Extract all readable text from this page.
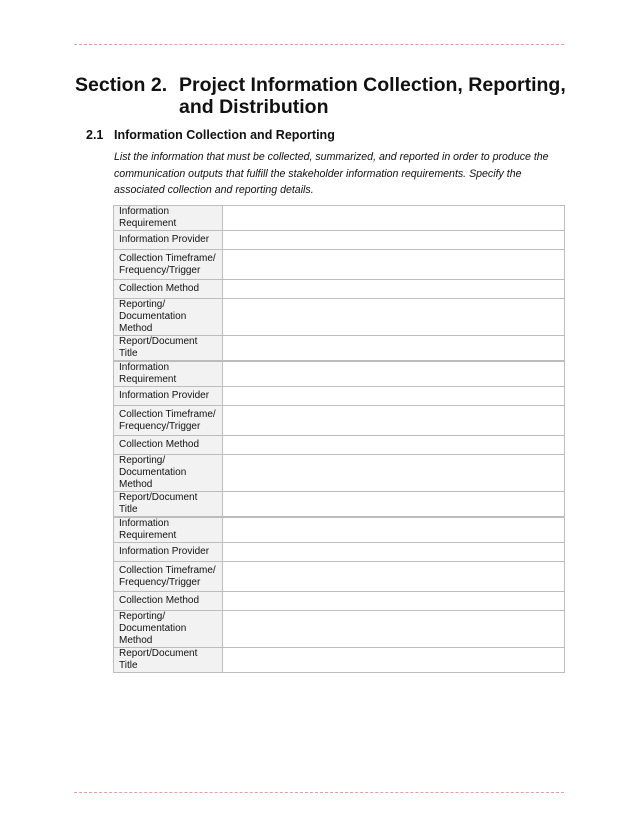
Section 2. Project Information Collection, Reporting,
and Distribution
2.1 Information Collection and Reporting
List the information that must be collected, summarized, and reported in order to produce the communication outputs that fulfill the stakeholder information requirements. Specify the associated collection and reporting details.
Information Requirement	

Information Provider	

Collection Timeframe/
Frequency/Trigger	

Collection Method	

Reporting/
Documentation Method	

Report/Document Title	

Information Requirement	

Information Provider	

Collection Timeframe/
Frequency/Trigger	

Collection Method	

Reporting/
Documentation Method	

Report/Document Title	

Information Requirement	

Information Provider	

Collection Timeframe/
Frequency/Trigger	

Collection Method	

Reporting/
Documentation Method	

Report/Document Title	
